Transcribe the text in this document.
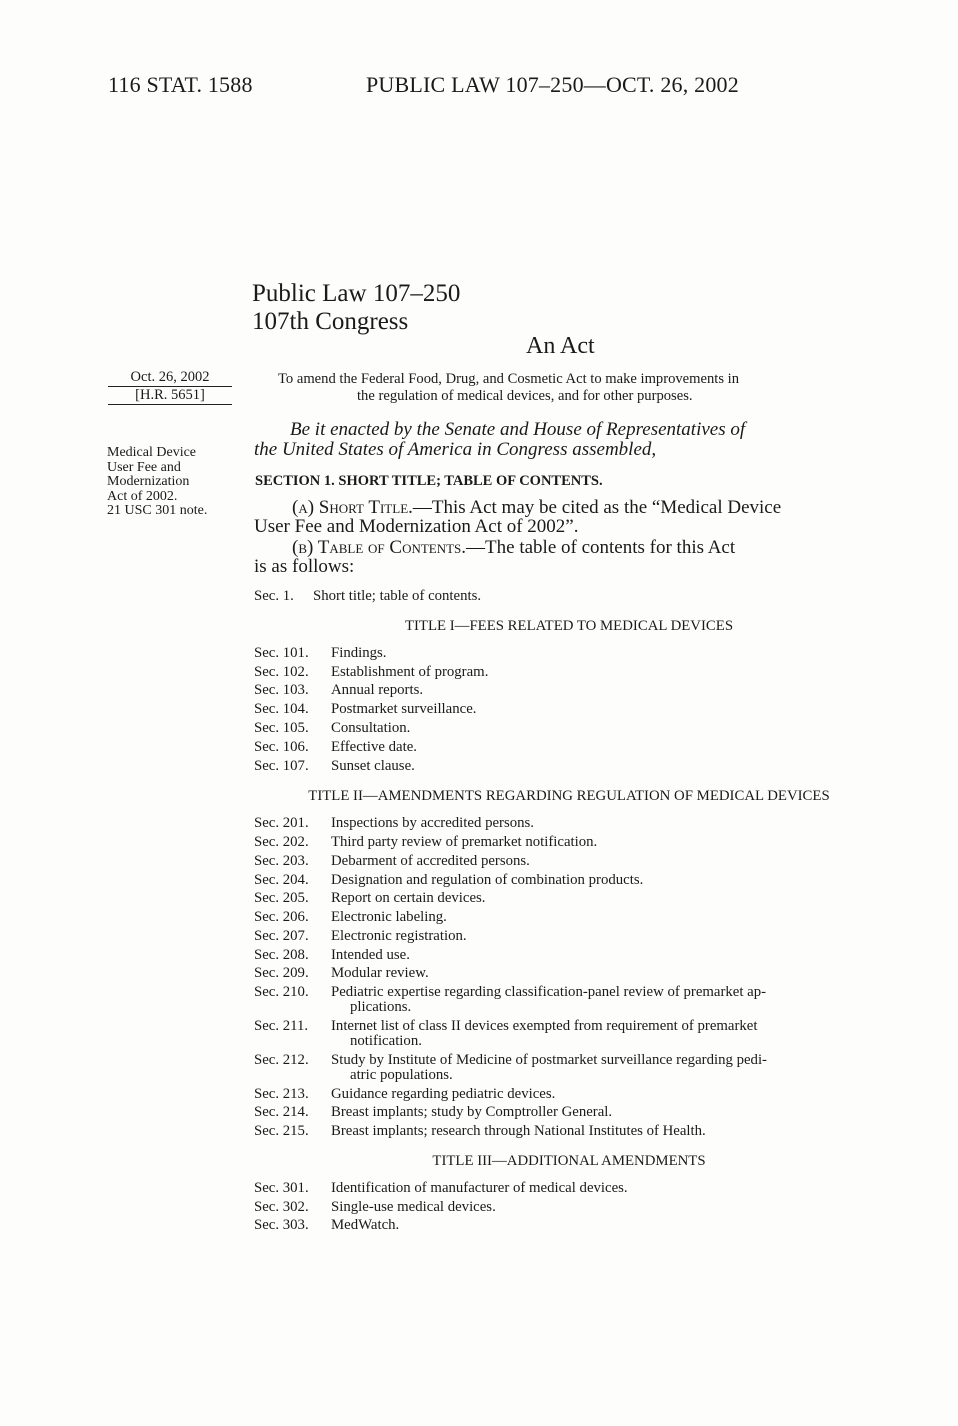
116 STAT. 1588	PUBLIC LAW 107–250—OCT. 26, 2002
Public Law 107–250
107th Congress
An Act
Oct. 26, 2002
[H.R. 5651]
Medical Device
User Fee and
Modernization
Act of 2002.
21 USC 301 note.
To amend the Federal Food, Drug, and Cosmetic Act to make improvements in
the regulation of medical devices, and for other purposes.
Be it enacted by the Senate and House of Representatives of
the United States of America in Congress assembled,
SECTION 1. SHORT TITLE; TABLE OF CONTENTS.
(a) Short Title.—This Act may be cited as the “Medical Device
User Fee and Modernization Act of 2002”.
(b) Table of Contents.—The table of contents for this Act
is as follows:
Sec. 1.	Short title; table of contents.
TITLE I—FEES RELATED TO MEDICAL DEVICES
Sec. 101.	Findings.
Sec. 102.	Establishment of program.
Sec. 103.	Annual reports.
Sec. 104.	Postmarket surveillance.
Sec. 105.	Consultation.
Sec. 106.	Effective date.
Sec. 107.	Sunset clause.
TITLE II—AMENDMENTS REGARDING REGULATION OF MEDICAL DEVICES
Sec. 201.	Inspections by accredited persons.
Sec. 202.	Third party review of premarket notification.
Sec. 203.	Debarment of accredited persons.
Sec. 204.	Designation and regulation of combination products.
Sec. 205.	Report on certain devices.
Sec. 206.	Electronic labeling.
Sec. 207.	Electronic registration.
Sec. 208.	Intended use.
Sec. 209.	Modular review.
Sec. 210.	Pediatric expertise regarding classification-panel review of premarket ap-
plications.
Sec. 211.	Internet list of class II devices exempted from requirement of premarket
notification.
Sec. 212.	Study by Institute of Medicine of postmarket surveillance regarding pedi-
atric populations.
Sec. 213.	Guidance regarding pediatric devices.
Sec. 214.	Breast implants; study by Comptroller General.
Sec. 215.	Breast implants; research through National Institutes of Health.
TITLE III—ADDITIONAL AMENDMENTS
Sec. 301.	Identification of manufacturer of medical devices.
Sec. 302.	Single-use medical devices.
Sec. 303.	MedWatch.
